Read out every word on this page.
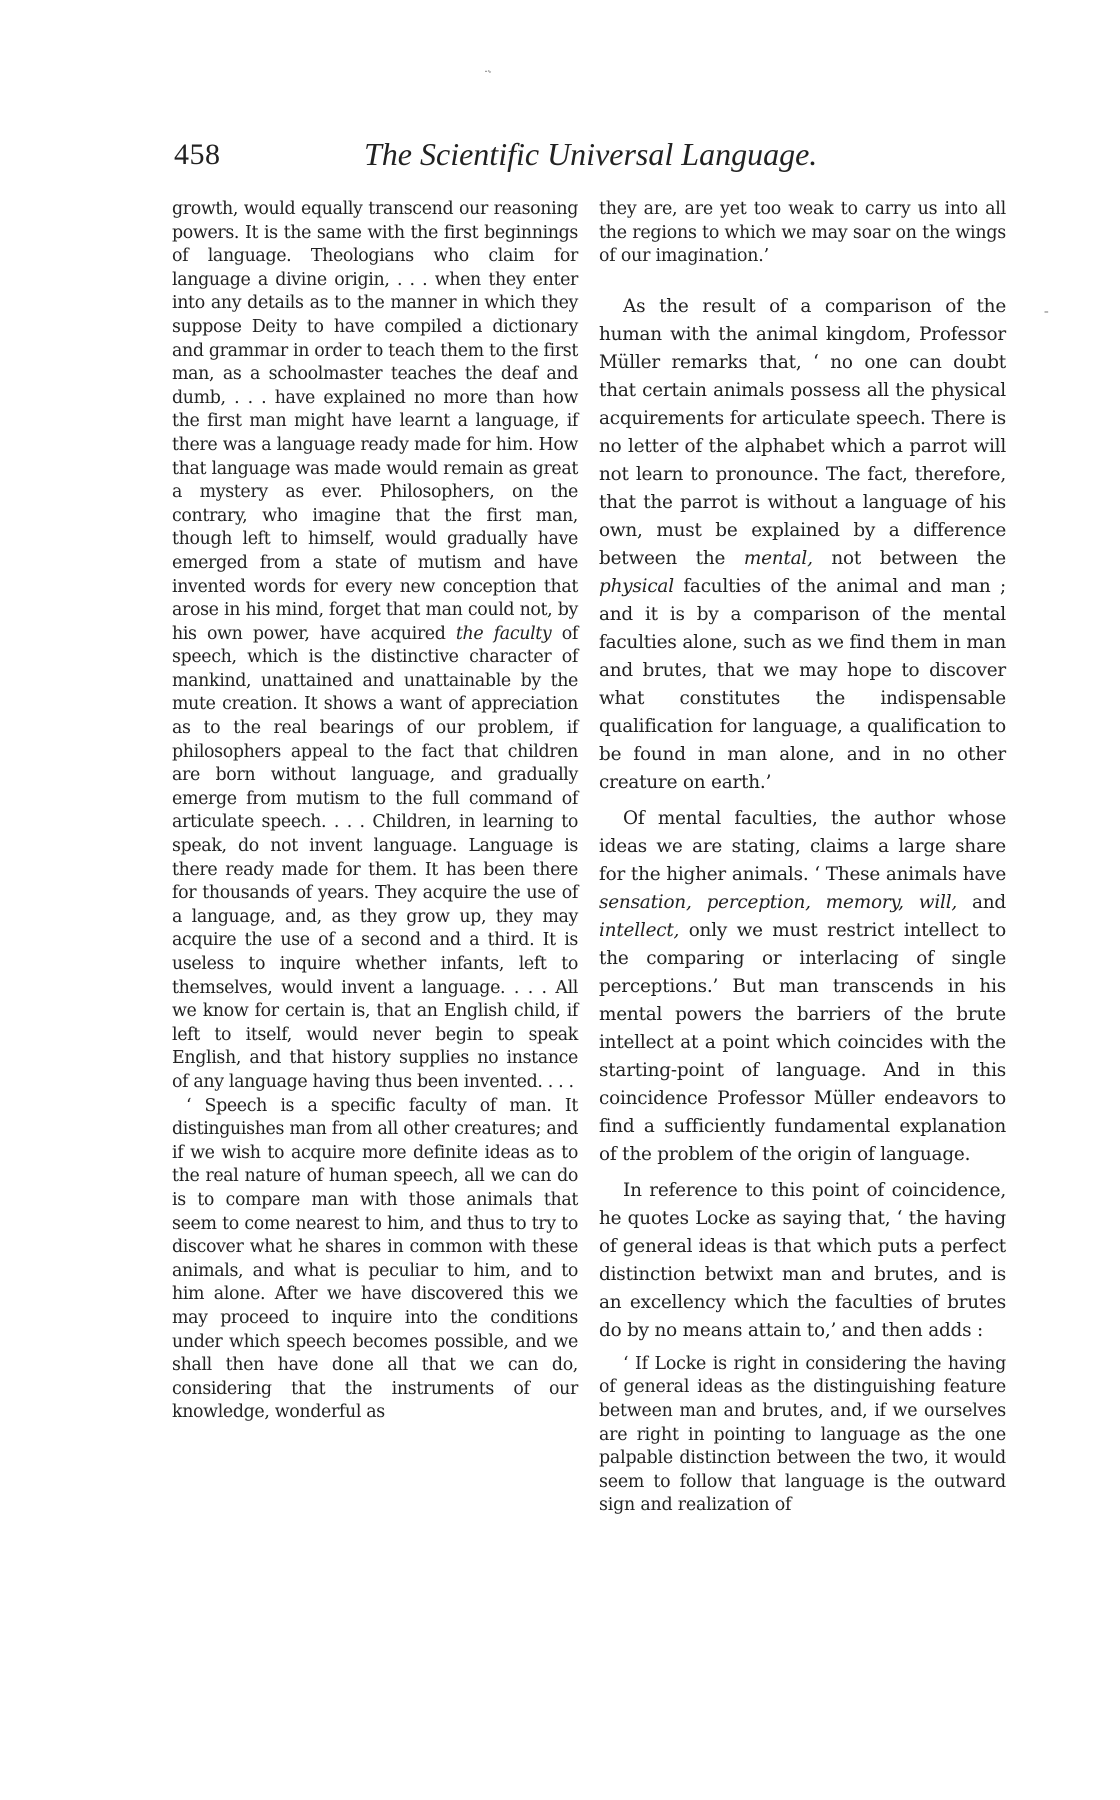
·˞
-
458	The Scientific Universal Language.

growth, would equally transcend our reasoning powers. It is the same with the first beginnings of language. Theologians who claim for language a divine origin, . . . when they enter into any details as to the manner in which they suppose Deity to have compiled a dictionary and grammar in order to teach them to the first man, as a schoolmaster teaches the deaf and dumb, . . . have explained no more than how the first man might have learnt a language, if there was a language ready made for him. How that language was made would remain as great a mystery as ever. Philosophers, on the contrary, who imagine that the first man, though left to himself, would gradually have emerged from a state of mutism and have invented words for every new conception that arose in his mind, forget that man could not, by his own power, have acquired the faculty of speech, which is the distinctive character of mankind, unattained and unattainable by the mute creation. It shows a want of appreciation as to the real bearings of our problem, if philosophers appeal to the fact that children are born without language, and gradually emerge from mutism to the full command of articulate speech. . . . Children, in learning to speak, do not invent language. Language is there ready made for them. It has been there for thousands of years. They acquire the use of a language, and, as they grow up, they may acquire the use of a second and a third. It is useless to inquire whether infants, left to themselves, would invent a language. . . . All we know for certain is, that an English child, if left to itself, would never begin to speak English, and that history supplies no instance of any language having thus been invented. . . .

‘ Speech is a specific faculty of man. It distinguishes man from all other creatures; and if we wish to acquire more definite ideas as to the real nature of human speech, all we can do is to compare man with those animals that seem to come nearest to him, and thus to try to discover what he shares in common with these animals, and what is peculiar to him, and to him alone. After we have discovered this we may proceed to inquire into the conditions under which speech becomes possible, and we shall then have done all that we can do, considering that the instruments of our knowledge, wonderful as

they are, are yet too weak to carry us into all the regions to which we may soar on the wings of our imagination.’

As the result of a comparison of the human with the animal kingdom, Professor Müller remarks that, ‘ no one can doubt that certain animals possess all the physical acquirements for articulate speech. There is no letter of the alphabet which a parrot will not learn to pronounce. The fact, therefore, that the parrot is without a language of his own, must be explained by a difference between the mental, not between the physical faculties of the animal and man ; and it is by a comparison of the mental faculties alone, such as we find them in man and brutes, that we may hope to discover what constitutes the indispensable qualification for language, a qualification to be found in man alone, and in no other creature on earth.’

Of mental faculties, the author whose ideas we are stating, claims a large share for the higher animals. ‘ These animals have sensation, perception, memory, will, and intellect, only we must restrict intellect to the comparing or interlacing of single perceptions.’ But man transcends in his mental powers the barriers of the brute intellect at a point which coincides with the starting-point of language. And in this coincidence Professor Müller endeavors to find a sufficiently fundamental explanation of the problem of the origin of language.

In reference to this point of coincidence, he quotes Locke as saying that, ‘ the having of general ideas is that which puts a perfect distinction betwixt man and brutes, and is an excellency which the faculties of brutes do by no means attain to,’ and then adds :

‘ If Locke is right in considering the having of general ideas as the distinguishing feature between man and brutes, and, if we ourselves are right in pointing to language as the one palpable distinction between the two, it would seem to follow that language is the outward sign and realization of
